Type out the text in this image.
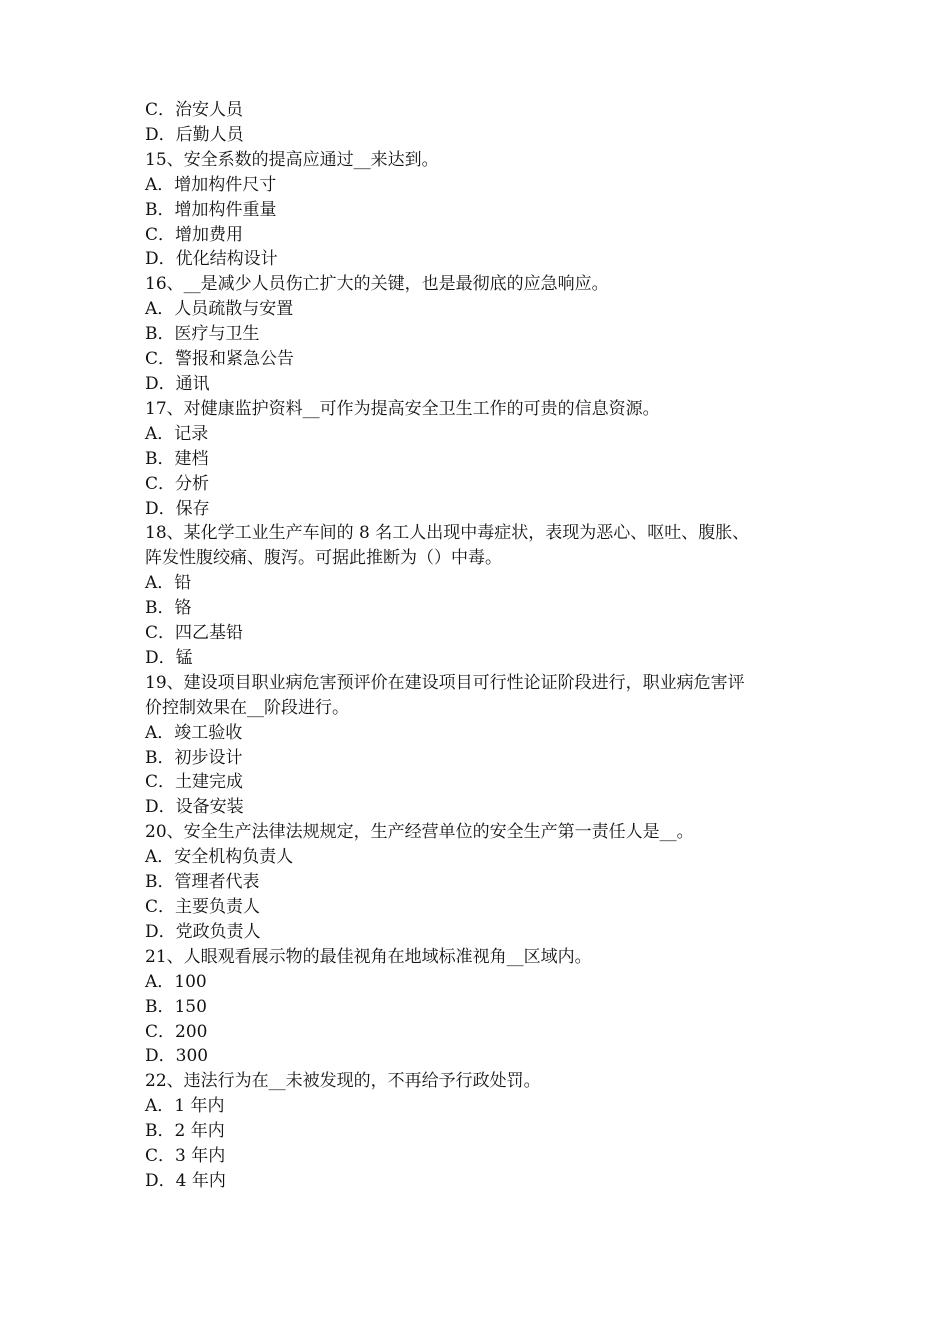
C．治安人员
D．后勤人员
15、安全系数的提高应通过__来达到。
A．增加构件尺寸
B．增加构件重量
C．增加费用
D．优化结构设计
16、__是减少人员伤亡扩大的关键，也是最彻底的应急响应。
A．人员疏散与安置
B．医疗与卫生
C．警报和紧急公告
D．通讯
17、对健康监护资料__可作为提高安全卫生工作的可贵的信息资源。
A．记录
B．建档
C．分析
D．保存
18、某化学工业生产车间的 8 名工人出现中毒症状，表现为恶心、呕吐、腹胀、
阵发性腹绞痛、腹泻。可据此推断为（）中毒。
A．铅
B．铬
C．四乙基铅
D．锰
19、建设项目职业病危害预评价在建设项目可行性论证阶段进行，职业病危害评
价控制效果在__阶段进行。
A．竣工验收
B．初步设计
C．土建完成
D．设备安装
20、安全生产法律法规规定，生产经营单位的安全生产第一责任人是__。
A．安全机构负责人
B．管理者代表
C．主要负责人
D．党政负责人
21、人眼观看展示物的最佳视角在地域标准视角__区域内。
A．100
B．150
C．200
D．300
22、违法行为在__未被发现的，不再给予行政处罚。
A．1 年内
B．2 年内
C．3 年内
D．4 年内
